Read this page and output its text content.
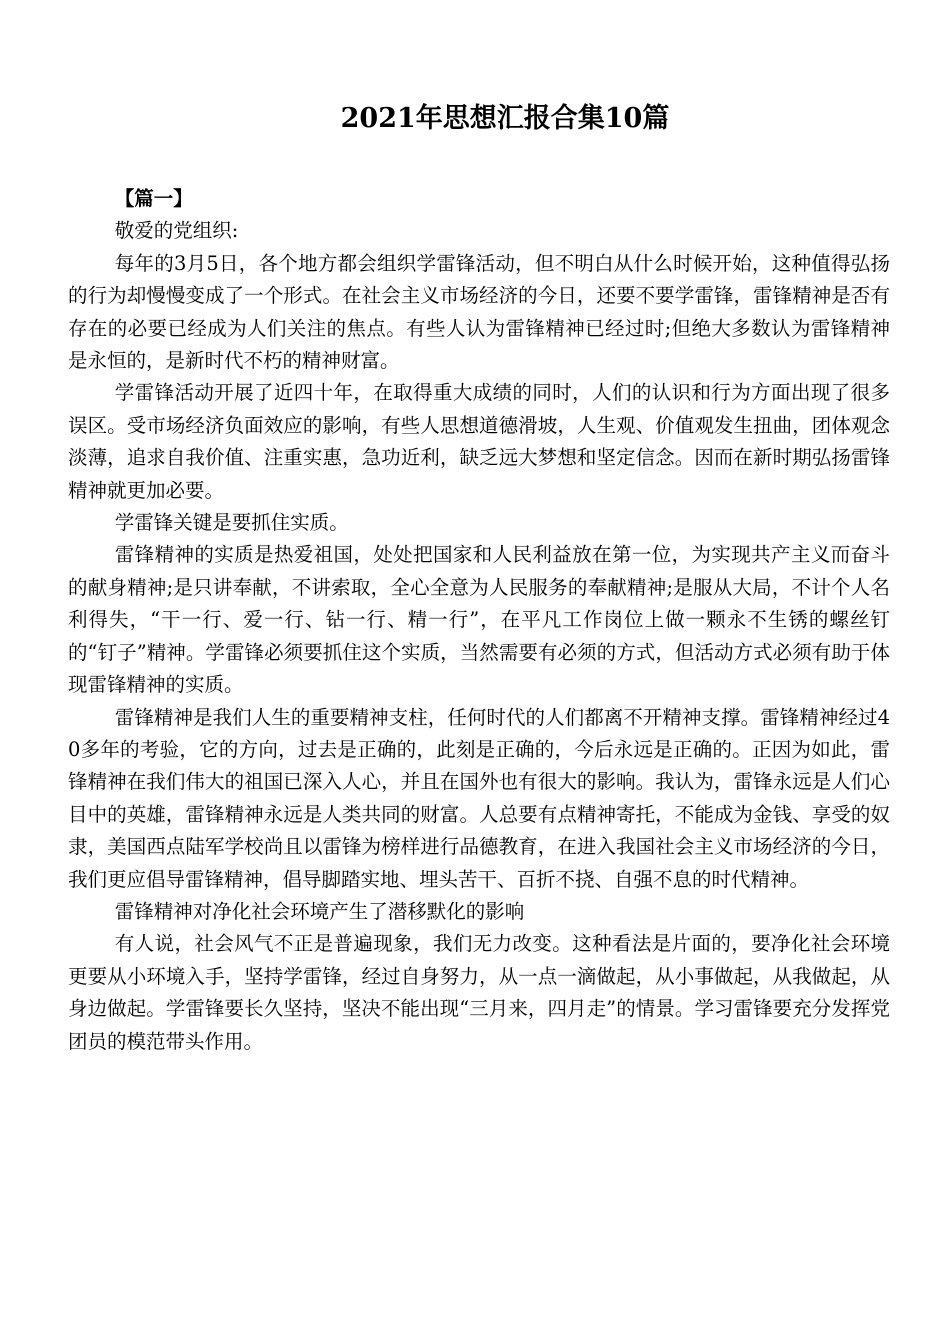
2021年思想汇报合集10篇

【篇一】

敬爱的党组织:

每年的3月5日，各个地方都会组织学雷锋活动，但不明白从什么时候开始，这种值得弘扬的行为却慢慢变成了一个形式。在社会主义市场经济的今日，还要不要学雷锋，雷锋精神是否有存在的必要已经成为人们关注的焦点。有些人认为雷锋精神已经过时;但绝大多数认为雷锋精神是永恒的，是新时代不朽的精神财富。

学雷锋活动开展了近四十年，在取得重大成绩的同时，人们的认识和行为方面出现了很多误区。受市场经济负面效应的影响，有些人思想道德滑坡，人生观、价值观发生扭曲，团体观念淡薄，追求自我价值、注重实惠，急功近利，缺乏远大梦想和坚定信念。因而在新时期弘扬雷锋精神就更加必要。

学雷锋关键是要抓住实质。

雷锋精神的实质是热爱祖国，处处把国家和人民利益放在第一位，为实现共产主义而奋斗的献身精神;是只讲奉献，不讲索取，全心全意为人民服务的奉献精神;是服从大局，不计个人名利得失，“干一行、爱一行、钻一行、精一行”，在平凡工作岗位上做一颗永不生锈的螺丝钉的“钉子”精神。学雷锋必须要抓住这个实质，当然需要有必须的方式，但活动方式必须有助于体现雷锋精神的实质。

雷锋精神是我们人生的重要精神支柱，任何时代的人们都离不开精神支撑。雷锋精神经过40多年的考验，它的方向，过去是正确的，此刻是正确的，今后永远是正确的。正因为如此，雷锋精神在我们伟大的祖国已深入人心，并且在国外也有很大的影响。我认为，雷锋永远是人们心目中的英雄，雷锋精神永远是人类共同的财富。人总要有点精神寄托，不能成为金钱、享受的奴隶，美国西点陆军学校尚且以雷锋为榜样进行品德教育，在进入我国社会主义市场经济的今日，我们更应倡导雷锋精神，倡导脚踏实地、埋头苦干、百折不挠、自强不息的时代精神。

雷锋精神对净化社会环境产生了潜移默化的影响

有人说，社会风气不正是普遍现象，我们无力改变。这种看法是片面的，要净化社会环境更要从小环境入手，坚持学雷锋，经过自身努力，从一点一滴做起，从小事做起，从我做起，从身边做起。学雷锋要长久坚持，坚决不能出现“三月来，四月走”的情景。学习雷锋要充分发挥党团员的模范带头作用。
